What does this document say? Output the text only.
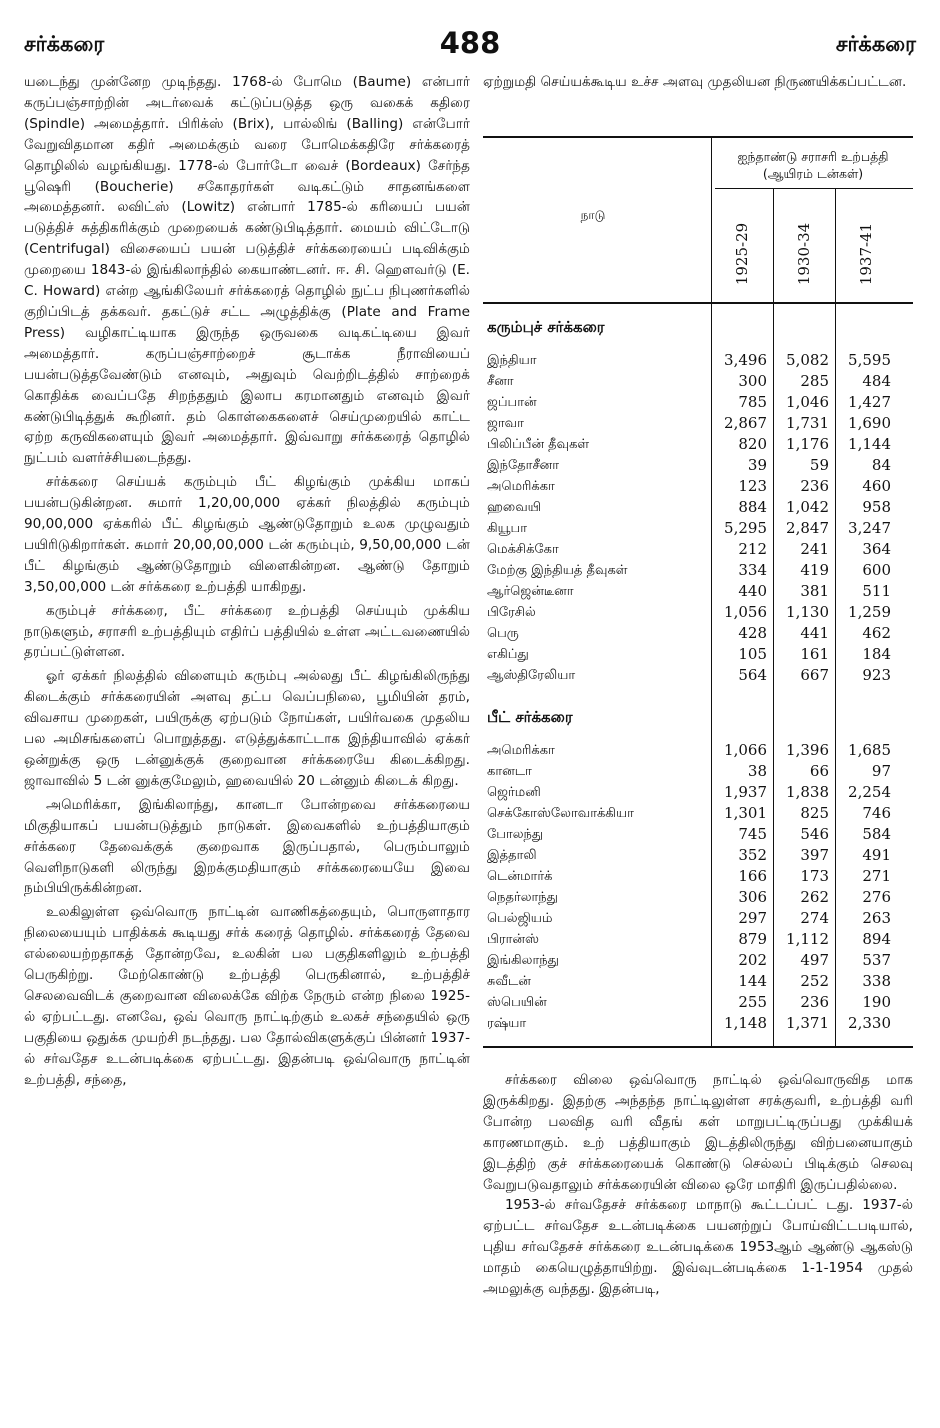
சர்க்கரை	488	சர்க்கரை

யடைந்து முன்னேற முடிந்தது. 1768-ல் போமெ (Baume) என்பார் கருப்பஞ்சாற்றின் அடர்வைக் கட்டுப்படுத்த ஒரு வகைக் கதிரை (Spindle) அமைத்தார். பிரிக்ஸ் (Brix), பால்லிங் (Balling) என்போர் வேறுவிதமான கதிர் அமைக்கும் வரை போமெக்கதிரே சர்க்கரைத் தொழிலில் வழங்கியது. 1778-ல் போர்டோ வைச் (Bordeaux) சேர்ந்த பூஷெரி (Boucherie) சகோதரர்கள் வடிகட்டும் சாதனங்களை அமைத்தனர். லவிட்ஸ் (Lowitz) என்பார் 1785-ல் கரியைப் பயன் படுத்திச் சுத்திகரிக்கும் முறையைக் கண்டுபிடித்தார். மையம் விட்டோடு (Centrifugal) விசையைப் பயன் படுத்திச் சர்க்கரையைப் படிவிக்கும் முறையை 1843-ல் இங்கிலாந்தில் கையாண்டனர். ஈ. சி. ஹௌவர்டு (E. C. Howard) என்ற ஆங்கிலேயர் சர்க்கரைத் தொழில் நுட்ப நிபுணர்களில் குறிப்பிடத் தக்கவர். தகட்டுச் சட்ட அழுத்திக்கு (Plate and Frame Press) வழிகாட்டியாக இருந்த ஒருவகை வடிகட்டியை இவர் அமைத்தார். கருப்பஞ்சாற்றைச் சூடாக்க நீராவியைப் பயன்படுத்தவேண்டும் எனவும், அதுவும் வெற்றிடத்தில் சாற்றைக் கொதிக்க வைப்பதே சிறந்ததும் இலாப கரமானதும் எனவும் இவர் கண்டுபிடித்துக் கூறினர். தம் கொள்கைகளைச் செய்முறையில் காட்ட ஏற்ற கருவிகளையும் இவர் அமைத்தார். இவ்வாறு சர்க்கரைத் தொழில் நுட்பம் வளர்ச்சியடைந்தது.

சர்க்கரை செய்யக் கரும்பும் பீட் கிழங்கும் முக்கிய மாகப் பயன்படுகின்றன. சுமார் 1,20,00,000 ஏக்கர் நிலத்தில் கரும்பும் 90,00,000 ஏக்கரில் பீட் கிழங்கும் ஆண்டுதோறும் உலக முழுவதும் பயிரிடுகிறார்கள். சுமார் 20,00,00,000 டன் கரும்பும், 9,50,00,000 டன் பீட் கிழங்கும் ஆண்டுதோறும் விளைகின்றன. ஆண்டு தோறும் 3,50,00,000 டன் சர்க்கரை உற்பத்தி யாகிறது.

கரும்புச் சர்க்கரை, பீட் சர்க்கரை உற்பத்தி செய்யும் முக்கிய நாடுகளும், சராசரி உற்பத்தியும் எதிர்ப் பத்தியில் உள்ள அட்டவணையில் தரப்பட்டுள்ளன.

ஓர் ஏக்கர் நிலத்தில் விளையும் கரும்பு அல்லது பீட் கிழங்கிலிருந்து கிடைக்கும் சர்க்கரையின் அளவு தட்ப வெப்பநிலை, பூமியின் தரம், விவசாய முறைகள், பயிருக்கு ஏற்படும் நோய்கள், பயிர்வகை முதலிய பல அமிசங்களைப் பொறுத்தது. எடுத்துக்காட்டாக இந்தியாவில் ஏக்கர் ஒன்றுக்கு ஒரு டன்னுக்குக் குறைவான சர்க்கரையே கிடைக்கிறது. ஜாவாவில் 5 டன் னுக்குமேலும், ஹவையில் 20 டன்னும் கிடைக் கிறது.

அமெரிக்கா, இங்கிலாந்து, கானடா போன்றவை சர்க்கரையை மிகுதியாகப் பயன்படுத்தும் நாடுகள். இவைகளில் உற்பத்தியாகும் சர்க்கரை தேவைக்குக் குறைவாக இருப்பதால், பெரும்பாலும் வெளிநாடுகளி லிருந்து இறக்குமதியாகும் சர்க்கரையையே இவை நம்பியிருக்கின்றன.

உலகிலுள்ள ஒவ்வொரு நாட்டின் வாணிகத்தையும், பொருளாதார நிலையையும் பாதிக்கக் கூடியது சர்க் கரைத் தொழில். சர்க்கரைத் தேவை எல்லையற்றதாகத் தோன்றவே, உலகின் பல பகுதிகளிலும் உற்பத்தி பெருகிற்று. மேற்கொண்டு உற்பத்தி பெருகினால், உற்பத்திச் செலவைவிடக் குறைவான விலைக்கே விற்க நேரும் என்ற நிலை 1925-ல் ஏற்பட்டது. எனவே, ஒவ் வொரு நாட்டிற்கும் உலகச் சந்தையில் ஒரு பகுதியை ஒதுக்க முயற்சி நடந்தது. பல தோல்விகளுக்குப் பின்னர் 1937-ல் சர்வதேச உடன்படிக்கை ஏற்பட்டது. இதன்படி ஒவ்வொரு நாட்டின் உற்பத்தி, சந்தை,

ஏற்றுமதி செய்யக்கூடிய உச்ச அளவு முதலியன நிருணயிக்கப்பட்டன.

ஐந்தாண்டு சராசரி உற்பத்தி (ஆயிரம் டன்கள்)
நாடு
1925-29	1930-34	1937-41
கரும்புச் சர்க்கரை
பீட் சர்க்கரை
இந்தியா	3,496	5,082	5,595
சீனா	300	285	484
ஜப்பான்	785	1,046	1,427
ஜாவா	2,867	1,731	1,690
பிலிப்பீன் தீவுகள்	820	1,176	1,144
இந்தோசீனா	39	59	84
அமெரிக்கா	123	236	460
ஹவையி	884	1,042	958
கியூபா	5,295	2,847	3,247
மெக்சிக்கோ	212	241	364
மேற்கு இந்தியத் தீவுகள்	334	419	600
ஆர்ஜென்டீனா	440	381	511
பிரேசில்	1,056	1,130	1,259
பெரு	428	441	462
எகிப்து	105	161	184
ஆஸ்திரேலியா	564	667	923
அமெரிக்கா	1,066	1,396	1,685
கானடா	38	66	97
ஜெர்மனி	1,937	1,838	2,254
செக்கோஸ்லோவாக்கியா	1,301	825	746
போலந்து	745	546	584
இத்தாலி	352	397	491
டென்மார்க்	166	173	271
நெதர்லாந்து	306	262	276
பெல்ஜியம்	297	274	263
பிரான்ஸ்	879	1,112	894
இங்கிலாந்து	202	497	537
சுவீடன்	144	252	338
ஸ்பெயின்	255	236	190
ரஷ்யா	1,148	1,371	2,330

சர்க்கரை விலை ஒவ்வொரு நாட்டில் ஒவ்வொருவித மாக இருக்கிறது. இதற்கு அந்தந்த நாட்டிலுள்ள சரக்குவரி, உற்பத்தி வரி போன்ற பலவித வரி வீதங் கள் மாறுபட்டிருப்பது முக்கியக் காரணமாகும். உற் பத்தியாகும் இடத்திலிருந்து விற்பனையாகும் இடத்திற் குச் சர்க்கரையைக் கொண்டு செல்லப் பிடிக்கும் செலவு வேறுபடுவதாலும் சர்க்கரையின் விலை ஒரே மாதிரி இருப்பதில்லை.

1953-ல் சர்வதேசச் சர்க்கரை மாநாடு கூட்டப்பட் டது. 1937-ல் ஏற்பட்ட சர்வதேச உடன்படிக்கை பயனற்றுப் போய்விட்டபடியால், புதிய சர்வதேசச் சர்க்கரை உடன்படிக்கை 1953ஆம் ஆண்டு ஆகஸ்டு மாதம் கையெழுத்தாயிற்று. இவ்வுடன்படிக்கை 1-1-1954 முதல் அமலுக்கு வந்தது. இதன்படி,
